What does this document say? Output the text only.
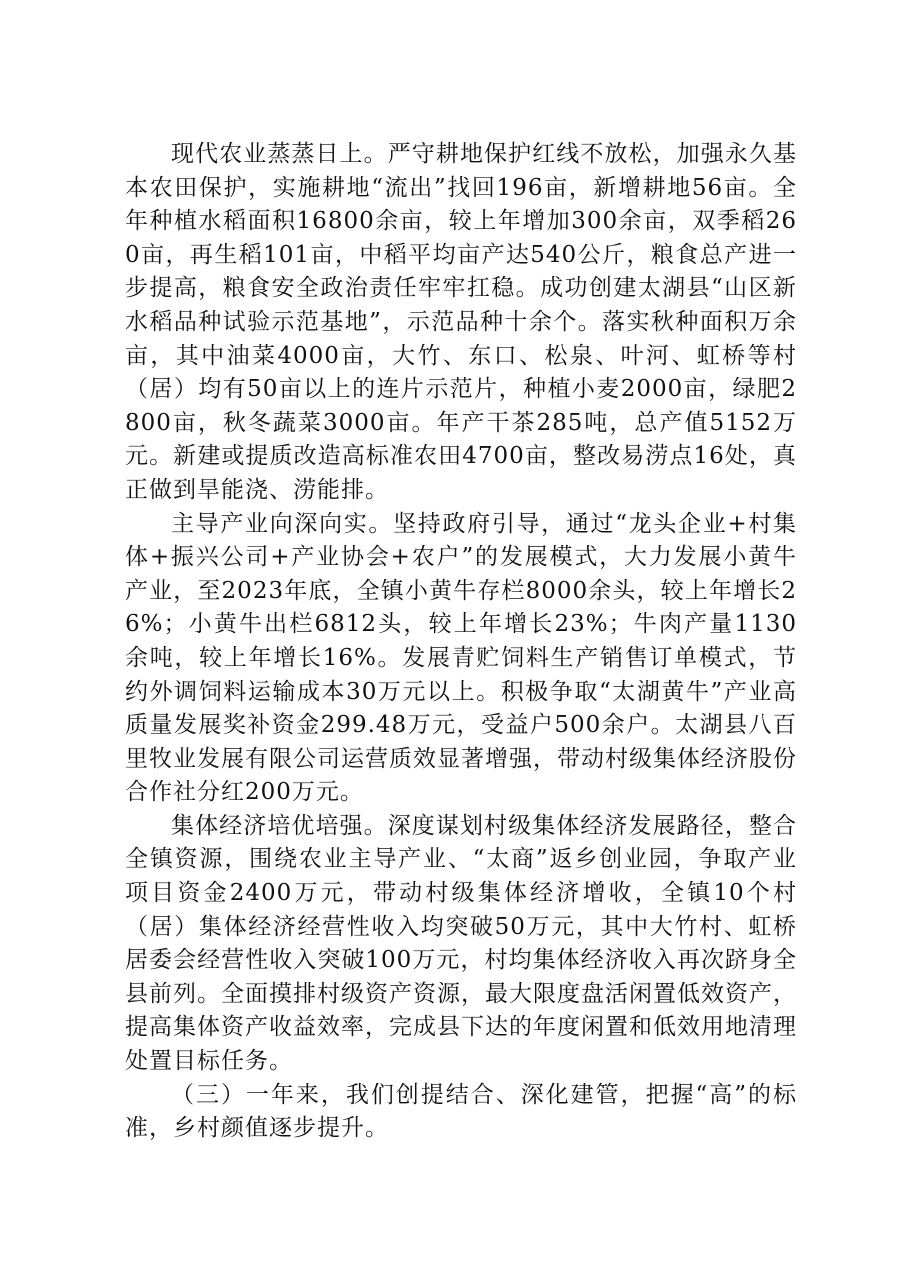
现代农业蒸蒸日上。严守耕地保护红线不放松，加强永久基本农田保护，实施耕地“流出”找回196亩，新增耕地56亩。全年种植水稻面积16800余亩，较上年增加300余亩，双季稻260亩，再生稻101亩，中稻平均亩产达540公斤，粮食总产进一步提高，粮食安全政治责任牢牢扛稳。成功创建太湖县“山区新水稻品种试验示范基地”，示范品种十余个。落实秋种面积万余亩，其中油菜4000亩，大竹、东口、松泉、叶河、虹桥等村（居）均有50亩以上的连片示范片，种植小麦2000亩，绿肥2800亩，秋冬蔬菜3000亩。年产干茶285吨，总产值5152万元。新建或提质改造高标准农田4700亩，整改易涝点16处，真正做到旱能浇、涝能排。

主导产业向深向实。坚持政府引导，通过“龙头企业+村集体+振兴公司+产业协会+农户”的发展模式，大力发展小黄牛产业，至2023年底，全镇小黄牛存栏8000余头，较上年增长26%；小黄牛出栏6812头，较上年增长23%；牛肉产量1130余吨，较上年增长16%。发展青贮饲料生产销售订单模式，节约外调饲料运输成本30万元以上。积极争取“太湖黄牛”产业高质量发展奖补资金299.48万元，受益户500余户。太湖县八百里牧业发展有限公司运营质效显著增强，带动村级集体经济股份合作社分红200万元。

集体经济培优培强。深度谋划村级集体经济发展路径，整合全镇资源，围绕农业主导产业、“太商”返乡创业园，争取产业项目资金2400万元，带动村级集体经济增收，全镇10个村（居）集体经济经营性收入均突破50万元，其中大竹村、虹桥居委会经营性收入突破100万元，村均集体经济收入再次跻身全县前列。全面摸排村级资产资源，最大限度盘活闲置低效资产，提高集体资产收益效率，完成县下达的年度闲置和低效用地清理处置目标任务。

（三）一年来，我们创提结合、深化建管，把握“高”的标准，乡村颜值逐步提升。
